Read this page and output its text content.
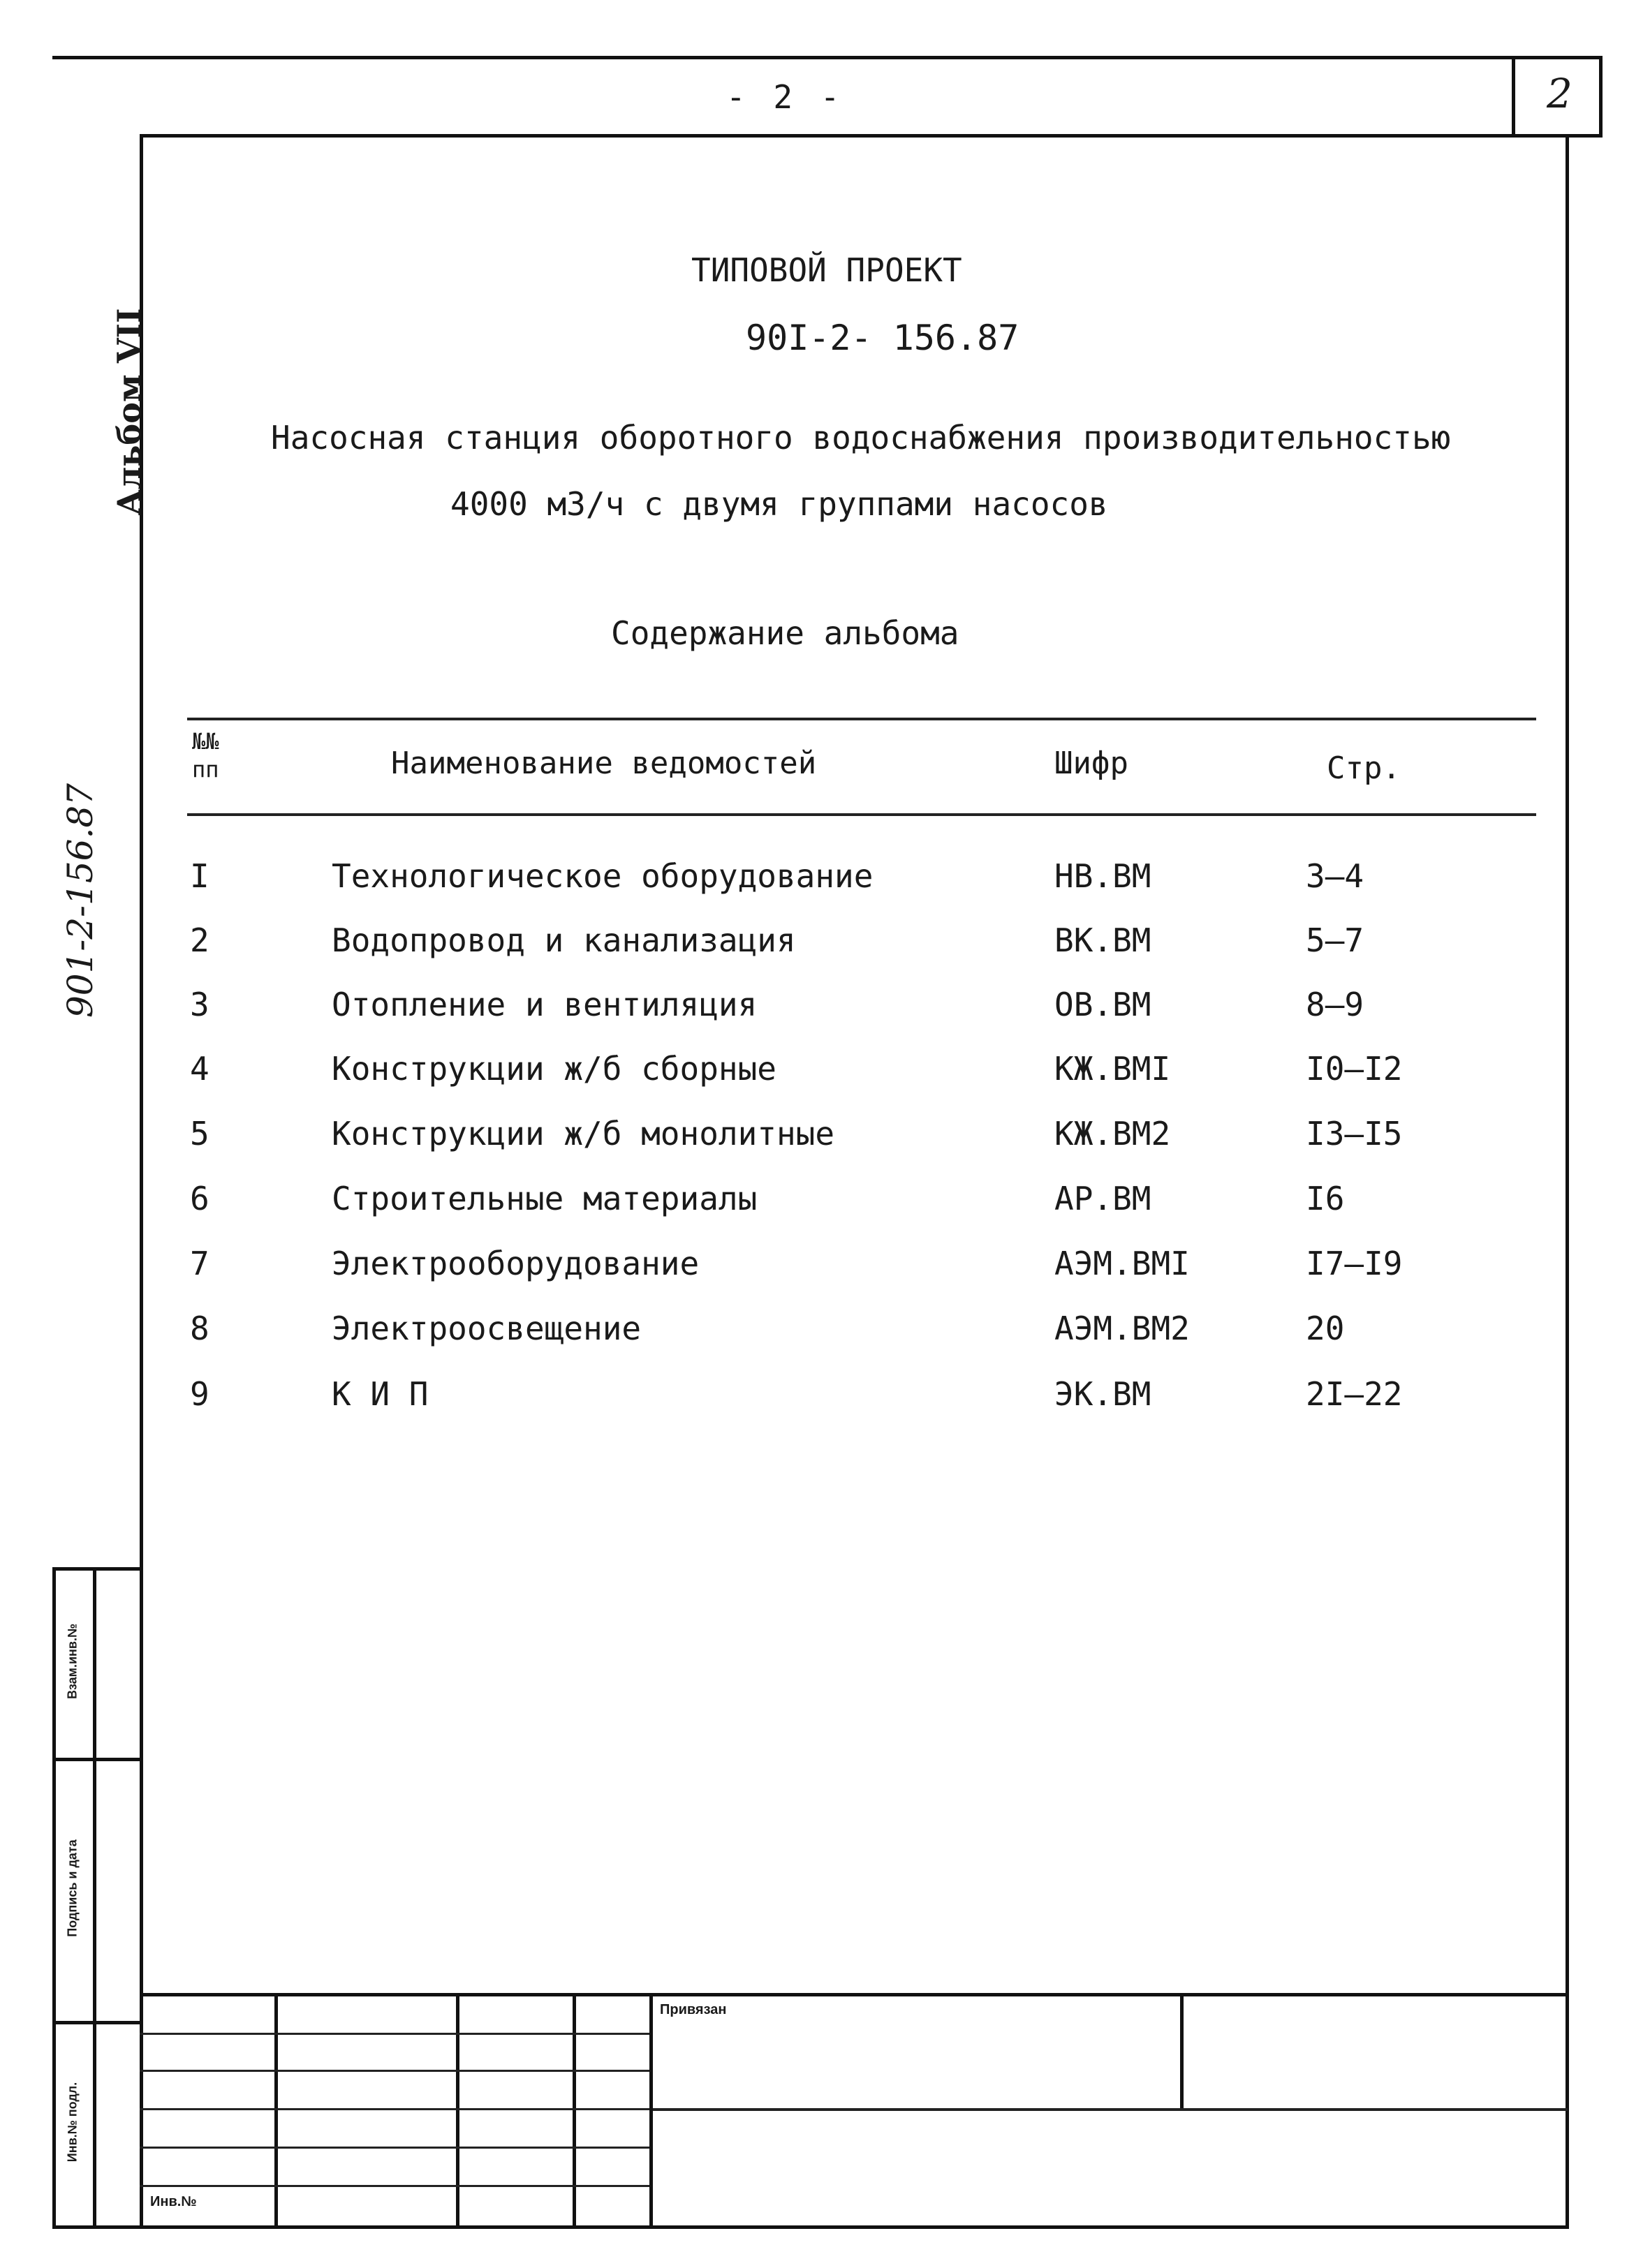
- 2 -	2
Альбом VII
901-2-156.87
ТИПОВОЙ ПРОЕКТ
90I-2- 156.87
Насосная станция оборотного водоснабжения производительностью
4000 м3/ч с двумя группами насосов
Содержание альбома
№№ пп	Наименование ведомостей	Шифр	Стр.
I	Технологическое оборудование	НВ.ВМ	3–4
2	Водопровод и канализация	ВК.ВМ	5–7
3	Отопление и вентиляция	ОВ.ВМ	8–9
4	Конструкции ж/б сборные	КЖ.ВМI	I0–I2
5	Конструкции ж/б монолитные	КЖ.ВМ2	I3–I5
6	Строительные материалы	АР.ВМ	I6
7	Электрооборудование	АЭМ.ВМI	I7–I9
8	Электроосвещение	АЭМ.ВМ2	20
9	К И П	ЭК.ВМ	2I–22
Взам.инв.№
Подпись и дата
Инв.№ подл.
Привязан
Инв.№
